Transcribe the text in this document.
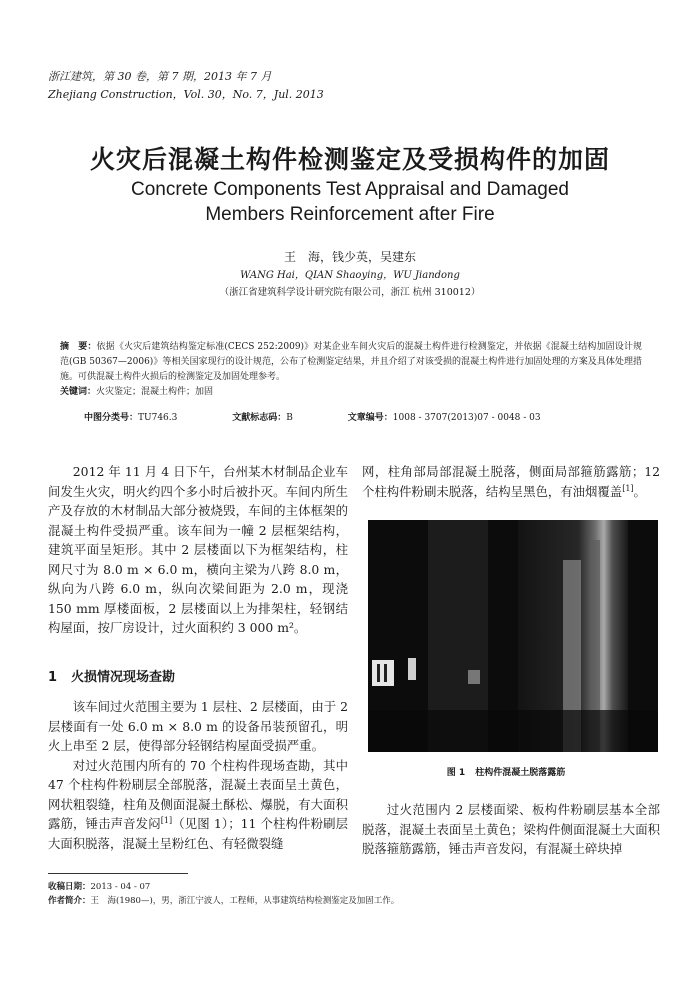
浙江建筑，第 30 卷，第 7 期，2013 年 7 月
Zhejiang Construction，Vol. 30，No. 7，Jul. 2013
火灾后混凝土构件检测鉴定及受损构件的加固
Concrete Components Test Appraisal and Damaged
Members Reinforcement after Fire
王　海，钱少英，吴建东
WANG Hai，QIAN Shaoying，WU Jiandong
（浙江省建筑科学设计研究院有限公司，浙江 杭州 310012）

摘　要：依据《火灾后建筑结构鉴定标准(CECS 252:2009)》对某企业车间火灾后的混凝土构件进行检测鉴定，并依据《混凝土结构加固设计规范(GB 50367—2006)》等相关国家现行的设计规范，公布了检测鉴定结果，并且介绍了对该受损的混凝土构件进行加固处理的方案及具体处理措施。可供混凝土构件火损后的检测鉴定及加固处理参考。

关键词：火灾鉴定；混凝土构件；加固

中图分类号：TU746.3	文献标志码：B	文章编号：1008 - 3707(2013)07 - 0048 - 03

2012 年 11 月 4 日下午，台州某木材制品企业车间发生火灾，明火约四个多小时后被扑灭。车间内所生产及存放的木材制品大部分被烧毁，车间的主体框架的混凝土构件受损严重。该车间为一幢 2 层框架结构，建筑平面呈矩形。其中 2 层楼面以下为框架结构，柱网尺寸为 8.0 m × 6.0 m，横向主梁为八跨 8.0 m，纵向为八跨 6.0 m，纵向次梁间距为 2.0 m，现浇 150 mm 厚楼面板，2 层楼面以上为排架柱，轻钢结构屋面，按厂房设计，过火面积约 3 000 m²。

1 火损情况现场查勘

该车间过火范围主要为 1 层柱、2 层楼面，由于 2 层楼面有一处 6.0 m × 8.0 m 的设备吊装预留孔，明火上串至 2 层，使得部分轻钢结构屋面受损严重。

对过火范围内所有的 70 个柱构件现场查勘，其中 47 个柱构件粉刷层全部脱落，混凝土表面呈土黄色，网状粗裂缝，柱角及侧面混凝土酥松、爆脱，有大面积露筋，锤击声音发闷[1]（见图 1）；11 个柱构件粉刷层大面积脱落，混凝土呈粉红色、有轻微裂缝

网，柱角部局部混凝土脱落，侧面局部箍筋露筋；12 个柱构件粉刷未脱落，结构呈黑色，有油烟覆盖[1]。

图 1 柱构件混凝土脱落露筋

过火范围内 2 层楼面梁、板构件粉刷层基本全部脱落，混凝土表面呈土黄色；梁构件侧面混凝土大面积脱落箍筋露筋，锤击声音发闷，有混凝土碎块掉

收稿日期：2013 - 04 - 07
作者简介：王　海(1980—)，男，浙江宁波人，工程师，从事建筑结构检测鉴定及加固工作。
